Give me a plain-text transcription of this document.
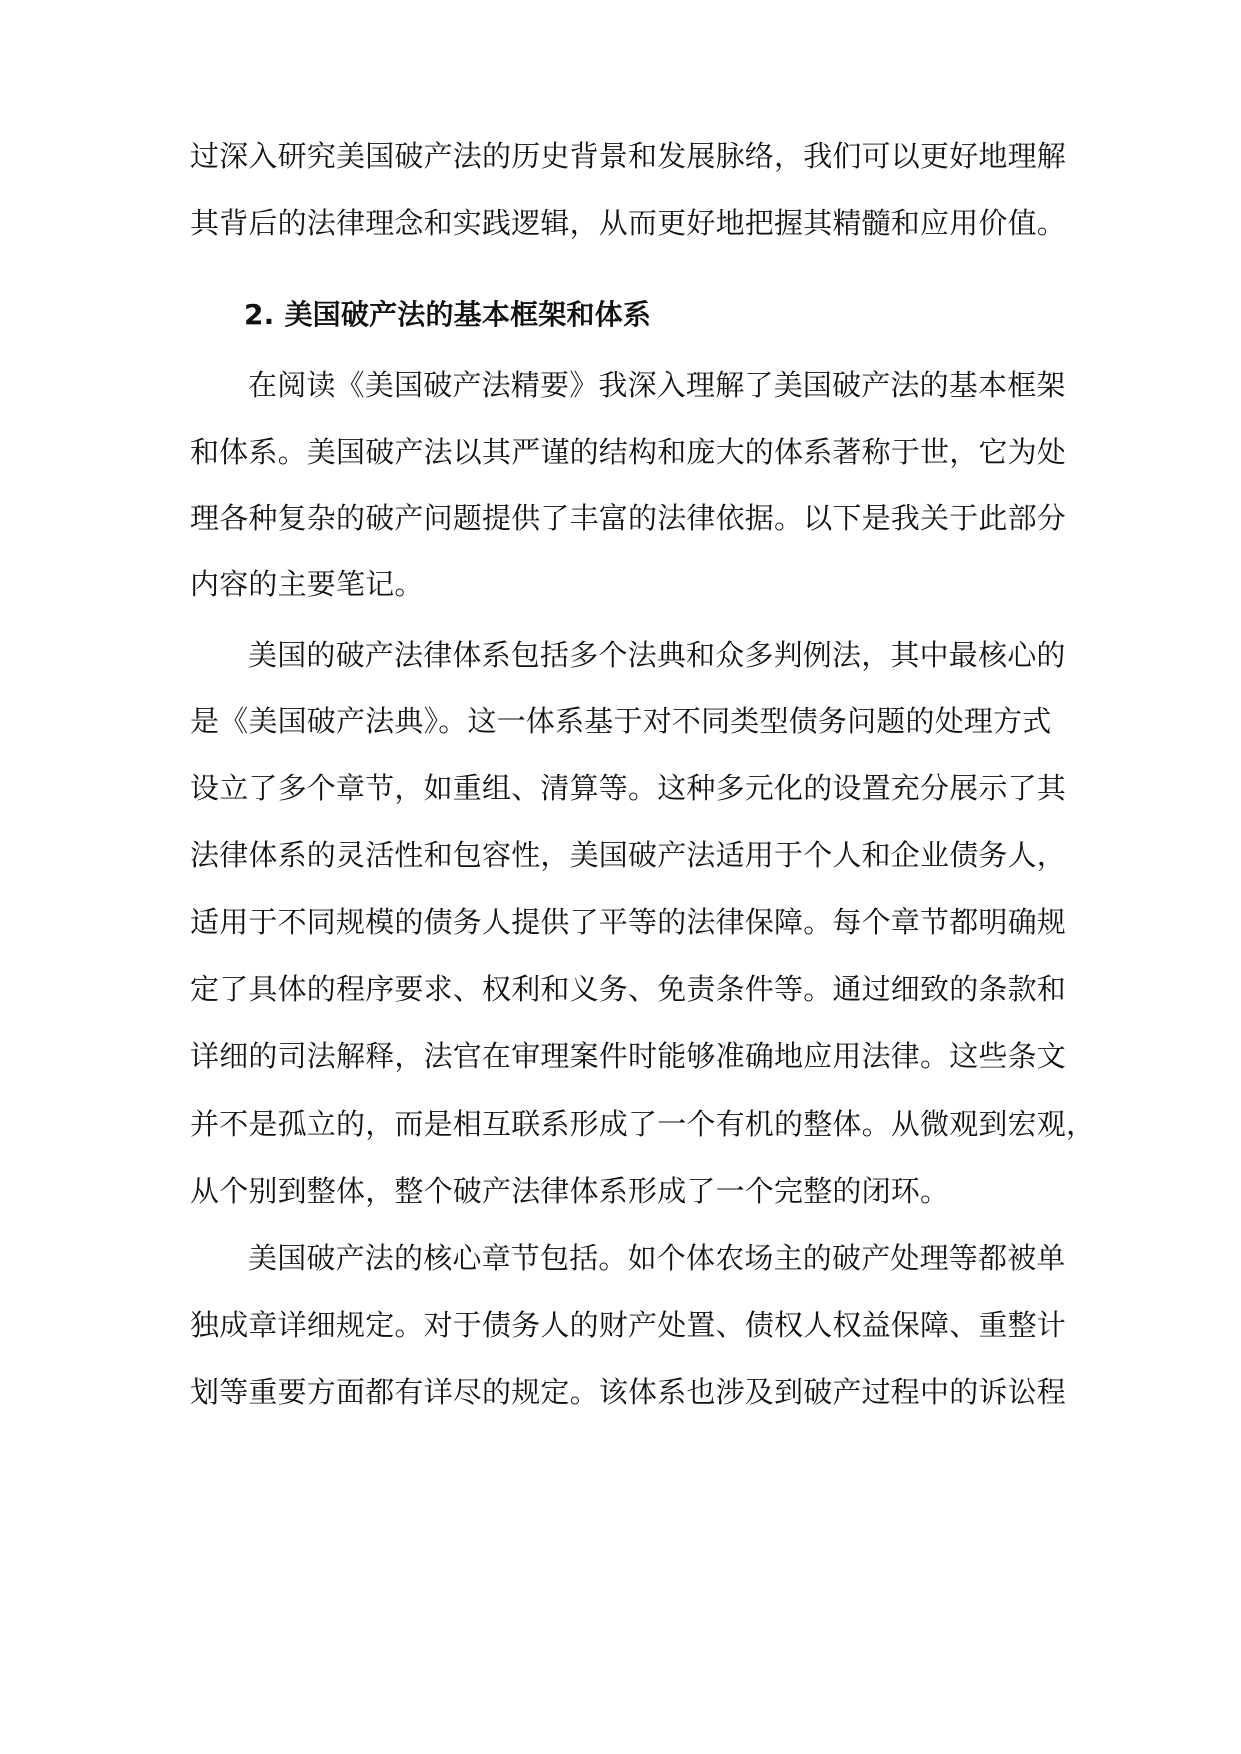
过深入研究美国破产法的历史背景和发展脉络，我们可以更好地理解
其背后的法律理念和实践逻辑，从而更好地把握其精髓和应用价值。
2. 美国破产法的基本框架和体系
在阅读《美国破产法精要》我深入理解了美国破产法的基本框架
和体系。美国破产法以其严谨的结构和庞大的体系著称于世，它为处
理各种复杂的破产问题提供了丰富的法律依据。以下是我关于此部分
内容的主要笔记。
美国的破产法律体系包括多个法典和众多判例法，其中最核心的
是《美国破产法典》。这一体系基于对不同类型债务问题的处理方式
设立了多个章节，如重组、清算等。这种多元化的设置充分展示了其
法律体系的灵活性和包容性，美国破产法适用于个人和企业债务人，
适用于不同规模的债务人提供了平等的法律保障。每个章节都明确规
定了具体的程序要求、权利和义务、免责条件等。通过细致的条款和
详细的司法解释，法官在审理案件时能够准确地应用法律。这些条文
并不是孤立的，而是相互联系形成了一个有机的整体。从微观到宏观，
从个别到整体，整个破产法律体系形成了一个完整的闭环。
美国破产法的核心章节包括。如个体农场主的破产处理等都被单
独成章详细规定。对于债务人的财产处置、债权人权益保障、重整计
划等重要方面都有详尽的规定。该体系也涉及到破产过程中的诉讼程
